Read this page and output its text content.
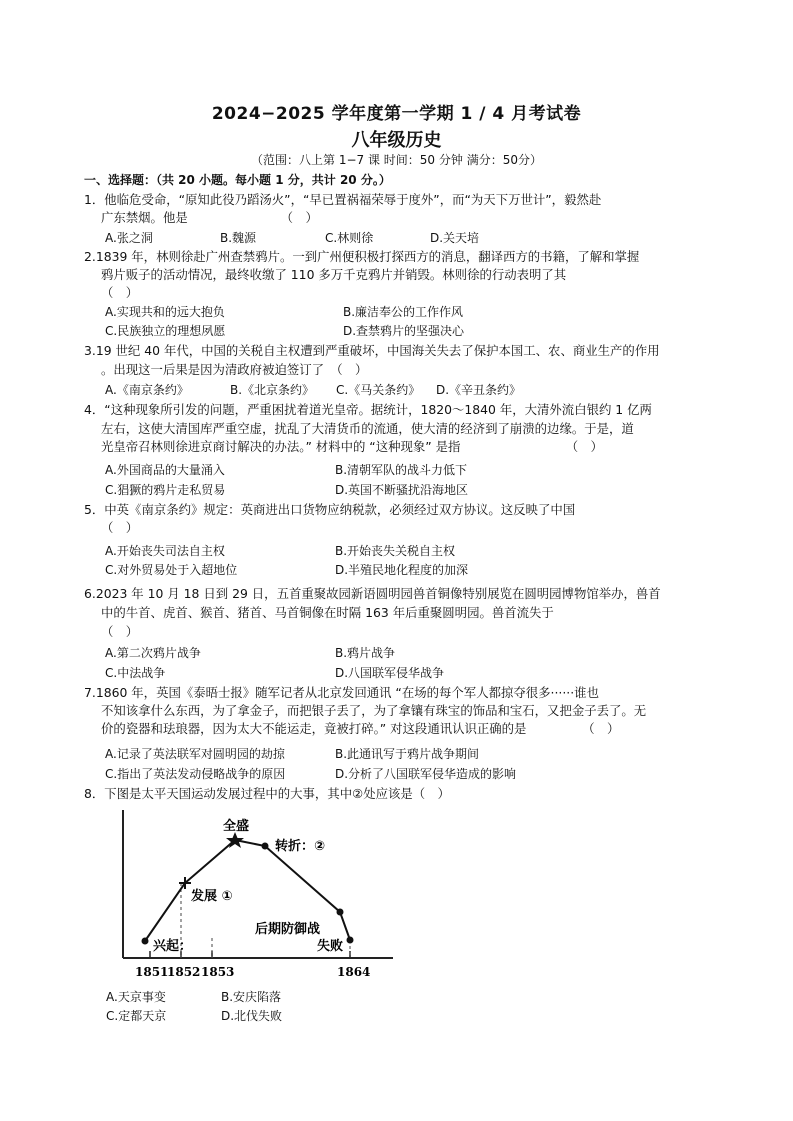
2024−2025 学年度第一学期 1 / 4 月考试卷
八年级历史
（范围：八上第 1−7 课 时间：50 分钟 满分：50分）
一、选择题：（共 20 小题。每小题 1 分，共计 20 分。）
1．他临危受命，“原知此役乃蹈汤火”，“早已置祸福荣辱于度外”，而“为天下万世计”，毅然赴
广东禁烟。他是　　　　　　　　（　）
A.张之洞	B.魏源	C.林则徐	D.关天培
2.1839 年，林则徐赴广州查禁鸦片。一到广州便积极打探西方的消息，翻译西方的书籍，了解和掌握
鸦片贩子的活动情况，最终收缴了 110 多万千克鸦片并销毁。林则徐的行动表明了其
（　）
A.实现共和的远大抱负	B.廉洁奉公的工作作风
C.民族独立的理想夙愿	D.查禁鸦片的坚强决心
3.19 世纪 40 年代，中国的关税自主权遭到严重破坏，中国海关失去了保护本国工、农、商业生产的作用
。出现这一后果是因为清政府被迫签订了　（　）
A.《南京条约》	B.《北京条约》 C.《马关条约》 D.《辛丑条约》
4．“这种现象所引发的问题，严重困扰着道光皇帝。据统计，1820～1840 年，大清外流白银约 1 亿两
左右，这使大清国库严重空虚，扰乱了大清货币的流通，使大清的经济到了崩溃的边缘。于是，道
光皇帝召林则徐进京商讨解决的办法。” 材料中的 “这种现象” 是指　　　　　　　　　（　）
A.外国商品的大量涌入	B.清朝军队的战斗力低下
C.猖獗的鸦片走私贸易	D.英国不断骚扰沿海地区
5．中英《南京条约》规定：英商进出口货物应纳税款，必须经过双方协议。这反映了中国
（　）
A.开始丧失司法自主权	B.开始丧失关税自主权
C.对外贸易处于入超地位	D.半殖民地化程度的加深
6.2023 年 10 月 18 日到 29 日，五首重聚故园新语圆明园兽首铜像特别展览在圆明园博物馆举办，兽首
中的牛首、虎首、猴首、猪首、马首铜像在时隔 163 年后重聚圆明园。兽首流失于
（　）
A.第二次鸦片战争	B.鸦片战争
C.中法战争	D.八国联军侵华战争
7.1860 年，英国《泰晤士报》随军记者从北京发回通讯 “在场的每个军人都掠夺很多······谁也
不知该拿什么东西，为了拿金子，而把银子丢了，为了拿镶有珠宝的饰品和宝石，又把金子丢了。无
价的瓷器和珐琅器，因为太大不能运走，竟被打碎。” 对这段通讯认识正确的是　　　　　（　）
A.记录了英法联军对圆明园的劫掠	B.此通讯写于鸦片战争期间
C.指出了英法发动侵略战争的原因	D.分析了八国联军侵华造成的影响
8．下图是太平天国运动发展过程中的大事，其中②处应该是（　）
全盛
转折：②
发展 ①
兴起：
后期防御战
失败
1851
1852 1853	1864
A.天京事变	B.安庆陷落
C.定都天京	D.北伐失败
